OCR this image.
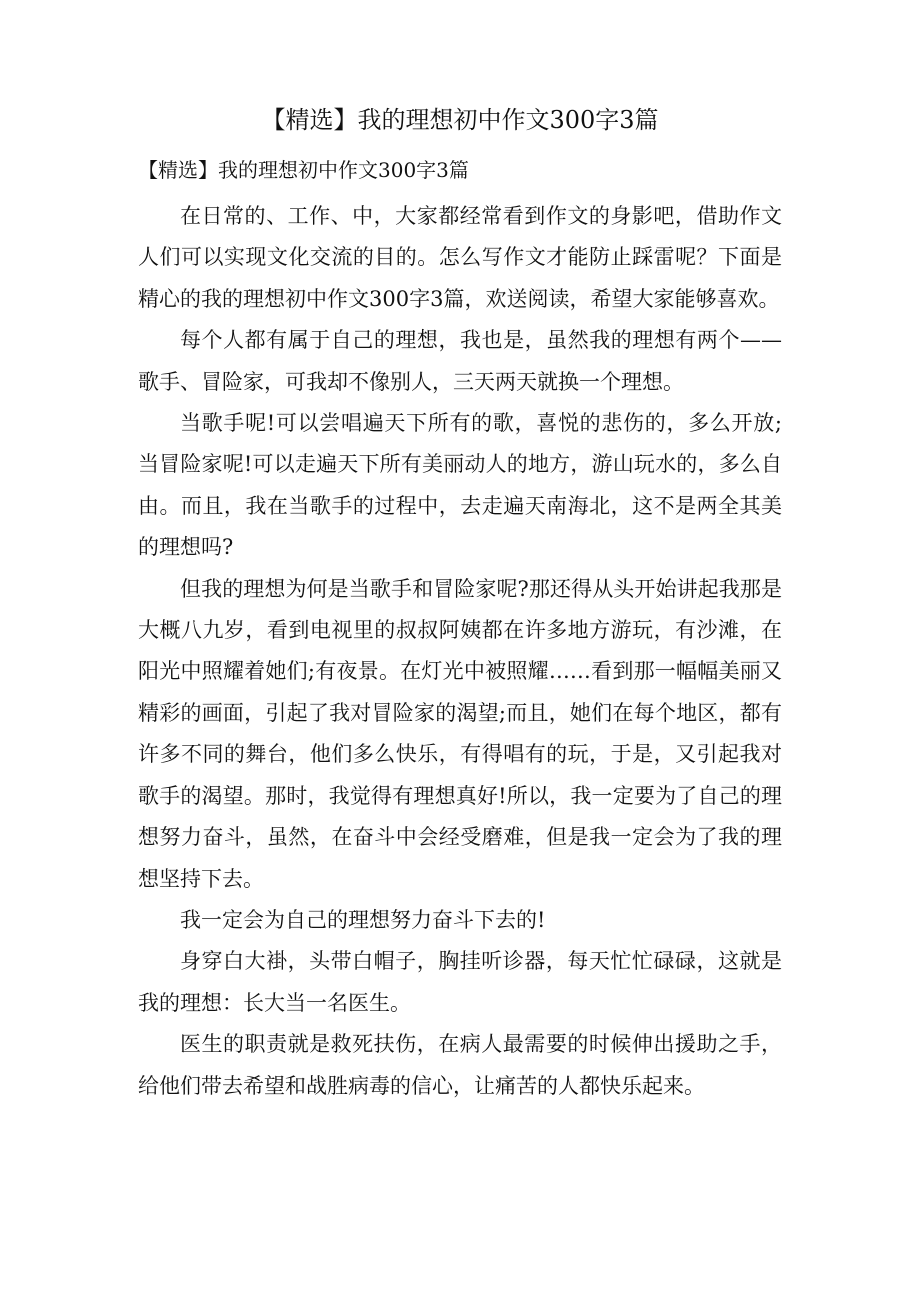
【精选】我的理想初中作文300字3篇
【精选】我的理想初中作文300字3篇

在日常的、工作、中，大家都经常看到作文的身影吧，借助作文人们可以实现文化交流的目的。怎么写作文才能防止踩雷呢？下面是精心的我的理想初中作文300字3篇，欢送阅读，希望大家能够喜欢。

每个人都有属于自己的理想，我也是，虽然我的理想有两个——歌手、冒险家，可我却不像别人，三天两天就换一个理想。

当歌手呢!可以尝唱遍天下所有的歌，喜悦的悲伤的，多么开放;当冒险家呢!可以走遍天下所有美丽动人的地方，游山玩水的，多么自由。而且，我在当歌手的过程中，去走遍天南海北，这不是两全其美的理想吗?

但我的理想为何是当歌手和冒险家呢?那还得从头开始讲起我那是大概八九岁，看到电视里的叔叔阿姨都在许多地方游玩，有沙滩，在阳光中照耀着她们;有夜景。在灯光中被照耀……看到那一幅幅美丽又精彩的画面，引起了我对冒险家的渴望;而且，她们在每个地区，都有许多不同的舞台，他们多么快乐，有得唱有的玩，于是，又引起我对歌手的渴望。那时，我觉得有理想真好!所以，我一定要为了自己的理想努力奋斗，虽然，在奋斗中会经受磨难，但是我一定会为了我的理想坚持下去。

我一定会为自己的理想努力奋斗下去的!

身穿白大褂，头带白帽子，胸挂听诊器，每天忙忙碌碌，这就是我的理想：长大当一名医生。

医生的职责就是救死扶伤，在病人最需要的时候伸出援助之手，给他们带去希望和战胜病毒的信心，让痛苦的人都快乐起来。
